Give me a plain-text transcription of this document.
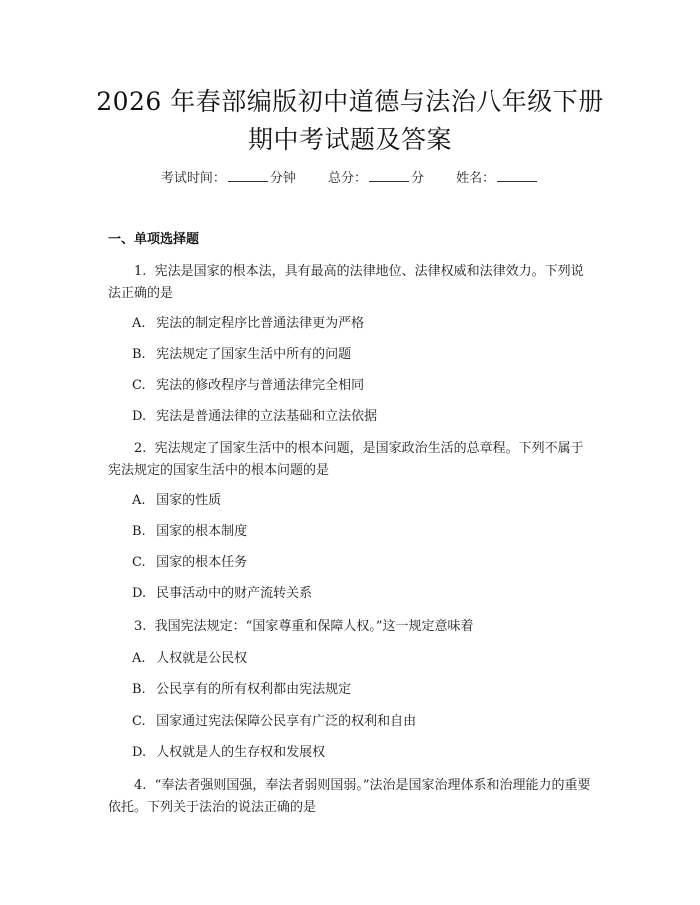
2026 年春部编版初中道德与法治八年级下册
期中考试题及答案
考试时间：	分钟 总分：	分 姓名：
一、单项选择题
1. 宪法是国家的根本法，具有最高的法律地位、法律权威和法律效力。下列说法正确的是
A. 宪法的制定程序比普通法律更为严格
B. 宪法规定了国家生活中所有的问题
C. 宪法的修改程序与普通法律完全相同
D. 宪法是普通法律的立法基础和立法依据
2. 宪法规定了国家生活中的根本问题，是国家政治生活的总章程。下列不属于宪法规定的国家生活中的根本问题的是
A. 国家的性质
B. 国家的根本制度
C. 国家的根本任务
D. 民事活动中的财产流转关系
3. 我国宪法规定：“国家尊重和保障人权。”这一规定意味着
A. 人权就是公民权
B. 公民享有的所有权利都由宪法规定
C. 国家通过宪法保障公民享有广泛的权利和自由
D. 人权就是人的生存权和发展权
4. “奉法者强则国强，奉法者弱则国弱。”法治是国家治理体系和治理能力的重要依托。下列关于法治的说法正确的是
